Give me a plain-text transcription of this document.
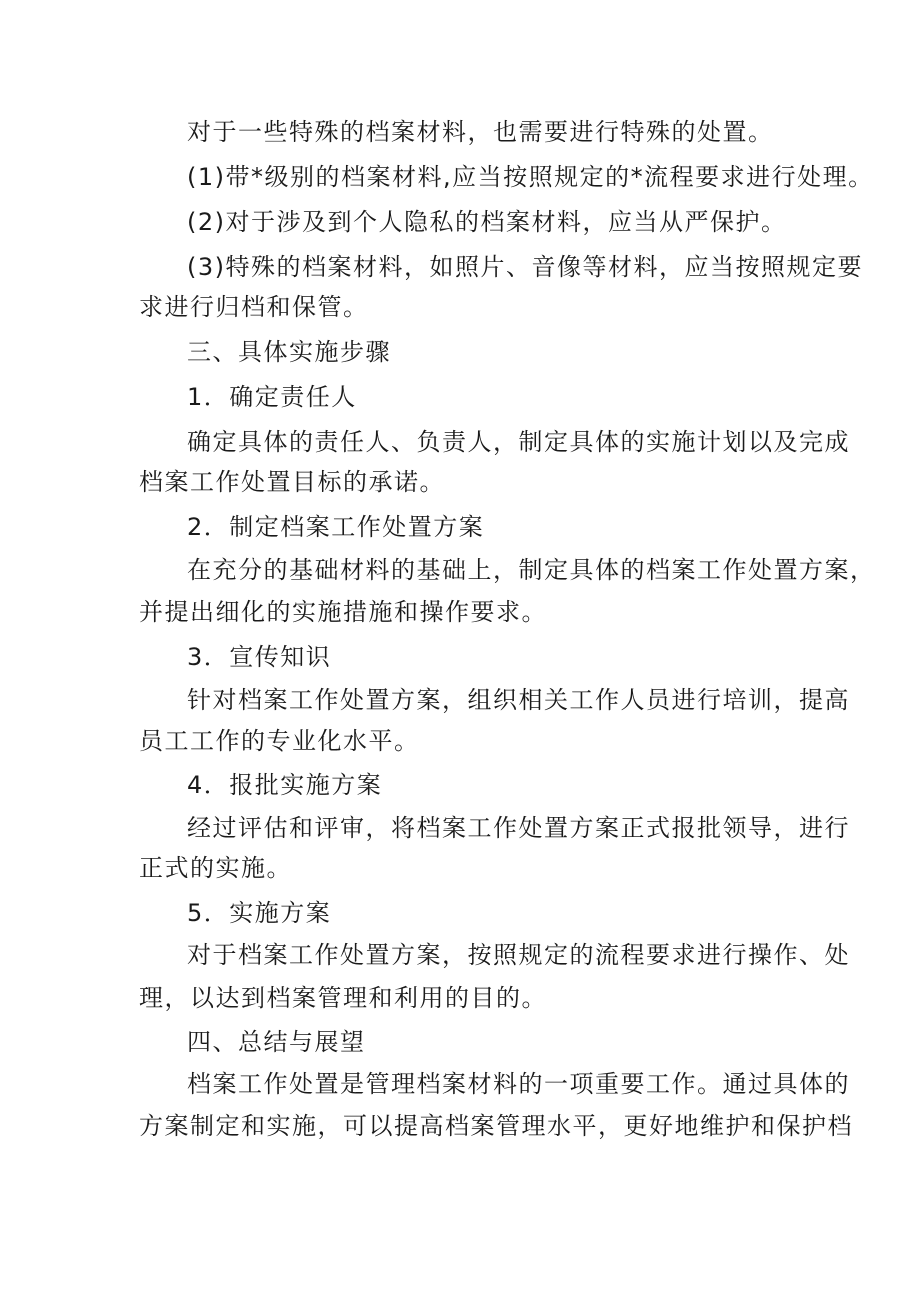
对于一些特殊的档案材料，也需要进行特殊的处置。
(1)带*级别的档案材料,应当按照规定的*流程要求进行处理。
(2)对于涉及到个人隐私的档案材料，应当从严保护。
(3)特殊的档案材料，如照片、音像等材料，应当按照规定要
求进行归档和保管。
三、具体实施步骤
1．确定责任人
确定具体的责任人、负责人，制定具体的实施计划以及完成
档案工作处置目标的承诺。
2．制定档案工作处置方案
在充分的基础材料的基础上，制定具体的档案工作处置方案，
并提出细化的实施措施和操作要求。
3．宣传知识
针对档案工作处置方案，组织相关工作人员进行培训，提高
员工工作的专业化水平。
4．报批实施方案
经过评估和评审，将档案工作处置方案正式报批领导，进行
正式的实施。
5．实施方案
对于档案工作处置方案，按照规定的流程要求进行操作、处
理，以达到档案管理和利用的目的。
四、总结与展望
档案工作处置是管理档案材料的一项重要工作。通过具体的
方案制定和实施，可以提高档案管理水平，更好地维护和保护档
